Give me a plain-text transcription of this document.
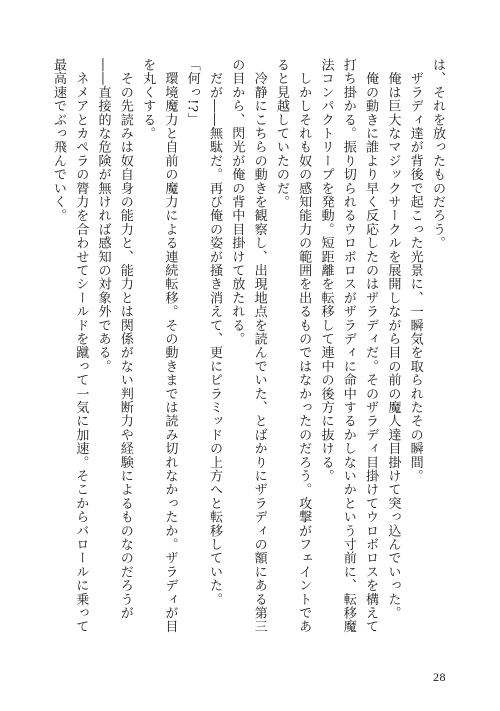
は、それを放ったものだろう。
　ザラディ達が背後で起こった光景に、一瞬気を取られたその瞬間。
　俺は巨大なマジックサークルを展開しながら目の前の魔人達目掛けて突っ込んでいった。
　俺の動きに誰より早く反応したのはザラディだ。そのザラディ目掛けてウロボロスを構えて打ち掛かる。振り切られるウロボロスがザラディに命中するかしないかという寸前に、転移魔法コンパクトリープを発動。短距離を転移して連中の後方に抜ける。
　しかしそれも奴の感知能力の範囲を出るものではなかったのだろう。攻撃がフェイントであると見越していたのだ。
　冷静にこちらの動きを観察し、出現地点を読んでいた、とばかりにザラディの額にある第三の目から、閃光が俺の背中目掛けて放たれる。
　だが――無駄だ。再び俺の姿が掻き消えて、更にピラミッドの上方へと転移していた。
「何っ!?」
　環境魔力と自前の魔力による連続転移。その動きまでは読み切れなかったか。ザラディが目を丸くする。
　その先読みは奴自身の能力と、能力とは関係がない判断力や経験によるものなのだろうが――直接的な危険が無ければ感知の対象外である。
　ネメアとカペラの膂力を合わせてシールドを蹴って一気に加速。そこからバロールに乗って最高速でぶっ飛んでいく。
28
